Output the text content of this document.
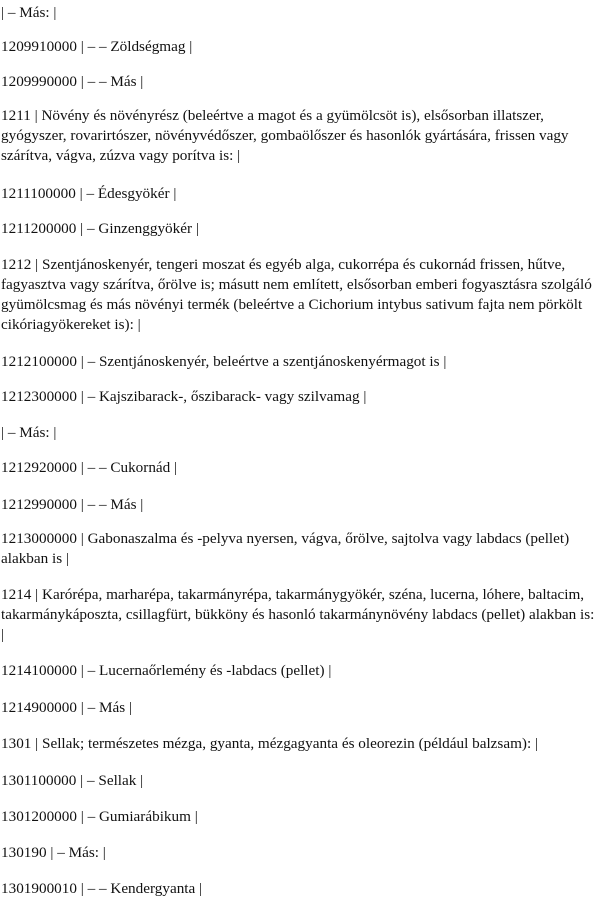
| – Más: |

1209910000 | – – Zöldségmag |

1209990000 | – – Más |

1211 | Növény és növényrész (beleértve a magot és a gyümölcsöt is), elsősorban illatszer, gyógyszer, rovarirtószer, növényvédőszer, gombaölőszer és hasonlók gyártására, frissen vagy szárítva, vágva, zúzva vagy porítva is: |

1211100000 | – Édesgyökér |

1211200000 | – Ginzenggyökér |

1212 | Szentjánoskenyér, tengeri moszat és egyéb alga, cukorrépa és cukornád frissen, hűtve, fagyasztva vagy szárítva, őrölve is; másutt nem említett, elsősorban emberi fogyasztásra szolgáló gyümölcsmag és más növényi termék (beleértve a Cichorium intybus sativum fajta nem pörkölt cikóriagyökereket is): |

1212100000 | – Szentjánoskenyér, beleértve a szentjánoskenyérmagot is |

1212300000 | – Kajszibarack-, őszibarack- vagy szilvamag |

| – Más: |

1212920000 | – – Cukornád |

1212990000 | – – Más |

1213000000 | Gabonaszalma és -pelyva nyersen, vágva, őrölve, sajtolva vagy labdacs (pellet) alakban is |

1214 | Karórépa, marharépa, takarmányrépa, takarmánygyökér, széna, lucerna, lóhere, baltacim, takarmánykáposzta, csillagfürt, bükköny és hasonló takarmánynövény labdacs (pellet) alakban is: |

1214100000 | – Lucernaőrlemény és -labdacs (pellet) |

1214900000 | – Más |

1301 | Sellak; természetes mézga, gyanta, mézgagyanta és oleorezin (például balzsam): |

1301100000 | – Sellak |

1301200000 | – Gumiarábikum |

130190 | – Más: |

1301900010 | – – Kendergyanta |
